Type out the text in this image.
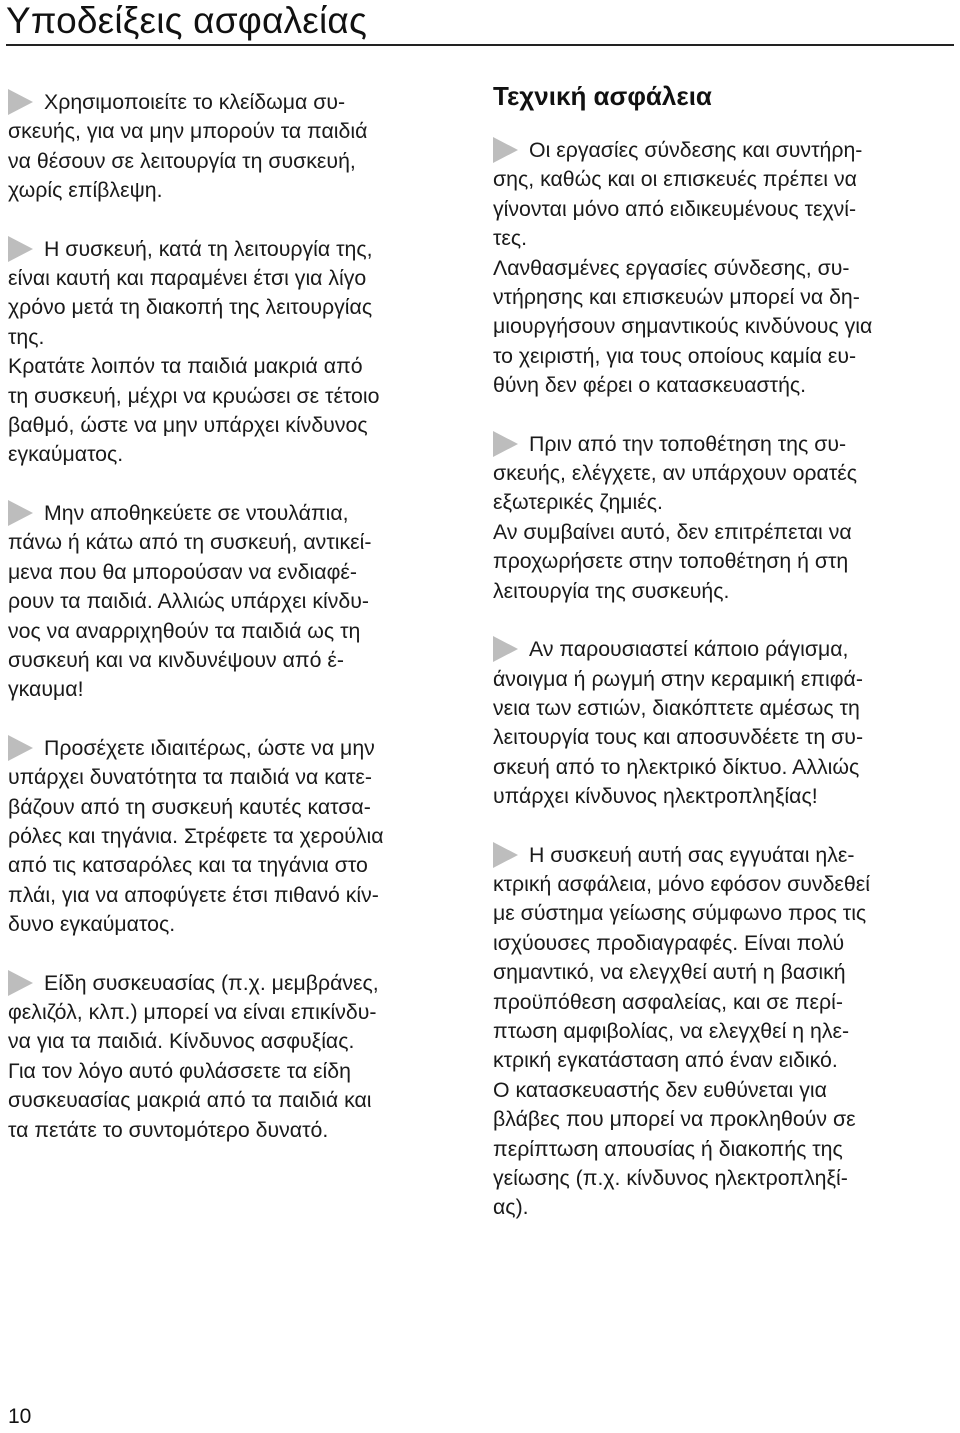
Υποδείξεις ασφαλείας
Χρησιμοποιείτε το κλείδωμα συ-
σκευής, για να μην μπορούν τα παιδιά
να θέσουν σε λειτουργία τη συσκευή,
χωρίς επίβλεψη.
Η συσκευή, κατά τη λειτουργία της,
είναι καυτή και παραμένει έτσι για λίγο
χρόνο μετά τη διακοπή της λειτουργίας
της.
Κρατάτε λοιπόν τα παιδιά μακριά από
τη συσκευή, μέχρι να κρυώσει σε τέτοιο
βαθμό, ώστε να μην υπάρχει κίνδυνος
εγκαύματος.
Μην αποθηκεύετε σε ντουλάπια,
πάνω ή κάτω από τη συσκευή, αντικεί-
μενα που θα μπορούσαν να ενδιαφέ-
ρουν τα παιδιά. Αλλιώς υπάρχει κίνδυ-
νος να αναρριχηθούν τα παιδιά ως τη
συσκευή και να κινδυνέψουν από έ-
γκαυμα!
Προσέχετε ιδιαιτέρως, ώστε να μην
υπάρχει δυνατότητα τα παιδιά να κατε-
βάζουν από τη συσκευή καυτές κατσα-
ρόλες και τηγάνια. Στρέφετε τα χερούλια
από τις κατσαρόλες και τα τηγάνια στο
πλάι, για να αποφύγετε έτσι πιθανό κίν-
δυνο εγκαύματος.
Είδη συσκευασίας (π.χ. μεμβράνες,
φελιζόλ, κλπ.) μπορεί να είναι επικίνδυ-
να για τα παιδιά. Κίνδυνος ασφυξίας.
Για τον λόγο αυτό φυλάσσετε τα είδη
συσκευασίας μακριά από τα παιδιά και
τα πετάτε το συντομότερο δυνατό.
Τεχνική ασφάλεια
Οι εργασίες σύνδεσης και συντήρη-
σης, καθώς και οι επισκευές πρέπει να
γίνονται μόνο από ειδικευμένους τεχνί-
τες.
Λανθασμένες εργασίες σύνδεσης, συ-
ντήρησης και επισκευών μπορεί να δη-
μιουργήσουν σημαντικούς κινδύνους για
το χειριστή, για τους οποίους καμία ευ-
θύνη δεν φέρει ο κατασκευαστής.
Πριν από την τοποθέτηση της συ-
σκευής, ελέγχετε, αν υπάρχουν ορατές
εξωτερικές ζημιές.
Αν συμβαίνει αυτό, δεν επιτρέπεται να
προχωρήσετε στην τοποθέτηση ή στη
λειτουργία της συσκευής.
Αν παρουσιαστεί κάποιο ράγισμα,
άνοιγμα ή ρωγμή στην κεραμική επιφά-
νεια των εστιών, διακόπτετε αμέσως τη
λειτουργία τους και αποσυνδέετε τη συ-
σκευή από το ηλεκτρικό δίκτυο. Αλλιώς
υπάρχει κίνδυνος ηλεκτροπληξίας!
Η συσκευή αυτή σας εγγυάται ηλε-
κτρική ασφάλεια, μόνο εφόσον συνδεθεί
με σύστημα γείωσης σύμφωνο προς τις
ισχύουσες προδιαγραφές. Είναι πολύ
σημαντικό, να ελεγχθεί αυτή η βασική
προϋπόθεση ασφαλείας, και σε περί-
πτωση αμφιβολίας, να ελεγχθεί η ηλε-
κτρική εγκατάσταση από έναν ειδικό.
Ο κατασκευαστής δεν ευθύνεται για
βλάβες που μπορεί να προκληθούν σε
περίπτωση απουσίας ή διακοπής της
γείωσης (π.χ. κίνδυνος ηλεκτροπληξί-
ας).
10
